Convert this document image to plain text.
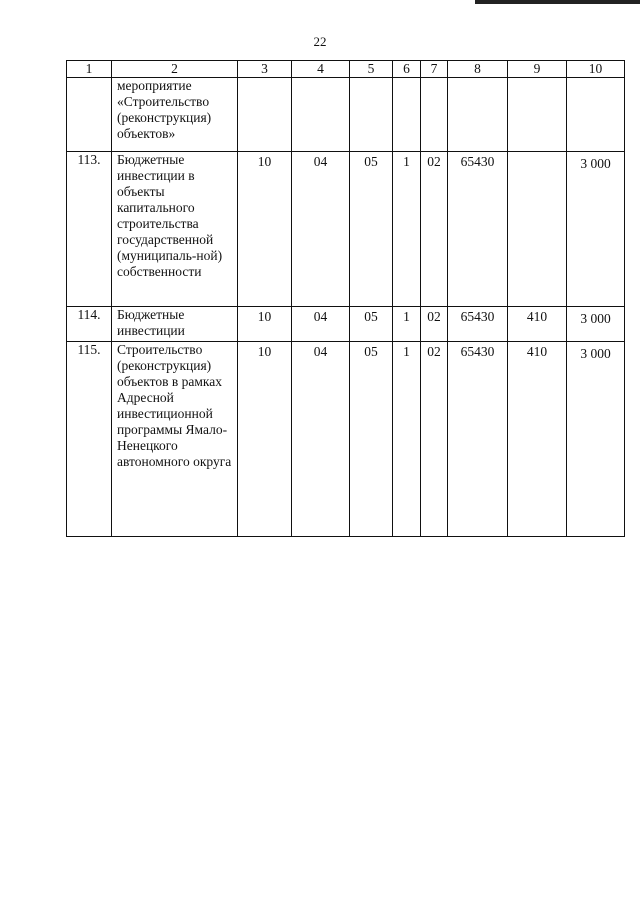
22
1	2	3	4	5	6	7	8	9	10
	мероприятие «Строительство (реконструкция) объектов»								
113.	Бюджетные инвестиции в объекты капитального строительства государственной (муниципаль-ной) собственности	10	04	05	1	02	65430		3 000
114.	Бюджетные инвестиции	10	04	05	1	02	65430	410	3 000
115.	Строительство (реконструкция) объектов в рамках Адресной инвестиционной программы Ямало-Ненецкого автономного округа	10	04	05	1	02	65430	410	3 000
